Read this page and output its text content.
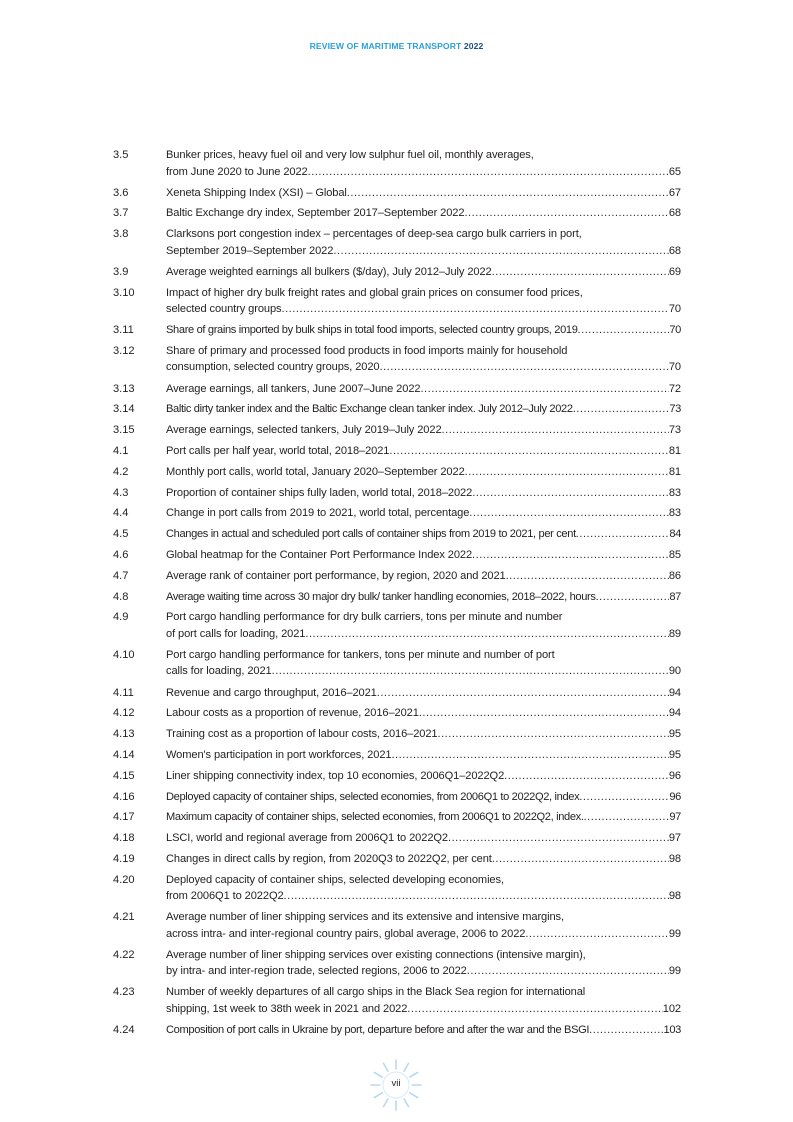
REVIEW OF MARITIME TRANSPORT 2022
3.5	Bunker prices, heavy fuel oil and very low sulphur fuel oil, monthly averages,
from June 2020 to June 2022 .....	65
3.6	Xeneta Shipping Index (XSI) – Global .....	67
3.7	Baltic Exchange dry index, September 2017–September 2022 .....	68
3.8	Clarksons port congestion index – percentages of deep-sea cargo bulk carriers in port,
September 2019–September 2022 .....	68
3.9	Average weighted earnings all bulkers ($/day), July 2012–July 2022 .....	69
3.10	Impact of higher dry bulk freight rates and global grain prices on consumer food prices,
selected country groups .....	70
3.11	Share of grains imported by bulk ships in total food imports, selected country groups, 2019 .....	70
3.12	Share of primary and processed food products in food imports mainly for household
consumption, selected country groups, 2020 .....	70
3.13	Average earnings, all tankers, June 2007–June 2022 .....	72
3.14	Baltic dirty tanker index and the Baltic Exchange clean tanker index. July 2012–July 2022 .....	73
3.15	Average earnings, selected tankers, July 2019–July 2022 .....	73
4.1	Port calls per half year, world total, 2018–2021 .....	81
4.2	Monthly port calls, world total, January 2020–September 2022 .....	81
4.3	Proportion of container ships fully laden, world total, 2018–2022 .....	83
4.4	Change in port calls from 2019 to 2021, world total, percentage .....	83
4.5	Changes in actual and scheduled port calls of container ships from 2019 to 2021, per cent .....	84
4.6	Global heatmap for the Container Port Performance Index 2022 .....	85
4.7	Average rank of container port performance, by region, 2020 and 2021 .....	86
4.8	Average waiting time across 30 major dry bulk/ tanker handling economies, 2018–2022, hours .....	87
4.9	Port cargo handling performance for dry bulk carriers, tons per minute and number
of port calls for loading, 2021 .....	89
4.10	Port cargo handling performance for tankers, tons per minute and number of port
calls for loading, 2021 .....	90
4.11	Revenue and cargo throughput, 2016–2021 .....	94
4.12	Labour costs as a proportion of revenue, 2016–2021 .....	94
4.13	Training cost as a proportion of labour costs, 2016–2021 .....	95
4.14	Women's participation in port workforces, 2021 .....	95
4.15	Liner shipping connectivity index, top 10 economies, 2006Q1–2022Q2 .....	96
4.16	Deployed capacity of container ships, selected economies, from 2006Q1 to 2022Q2, index .....	96
4.17	Maximum capacity of container ships, selected economies, from 2006Q1 to 2022Q2, index. .....	97
4.18	LSCI, world and regional average from 2006Q1 to 2022Q2 .....	97
4.19	Changes in direct calls by region, from 2020Q3 to 2022Q2, per cent .....	98
4.20	Deployed capacity of container ships, selected developing economies,
from 2006Q1 to 2022Q2 .....	98
4.21	Average number of liner shipping services and its extensive and intensive margins,
across intra- and inter-regional country pairs, global average, 2006 to 2022 .....	99
4.22	Average number of liner shipping services over existing connections (intensive margin),
by intra- and inter-region trade, selected regions, 2006 to 2022 .....	99
4.23	Number of weekly departures of all cargo ships in the Black Sea region for international
shipping, 1st week to 38th week in 2021 and 2022 .....	102
4.24	Composition of port calls in Ukraine by port, departure before and after the war and the BSGI .....	103
vii
